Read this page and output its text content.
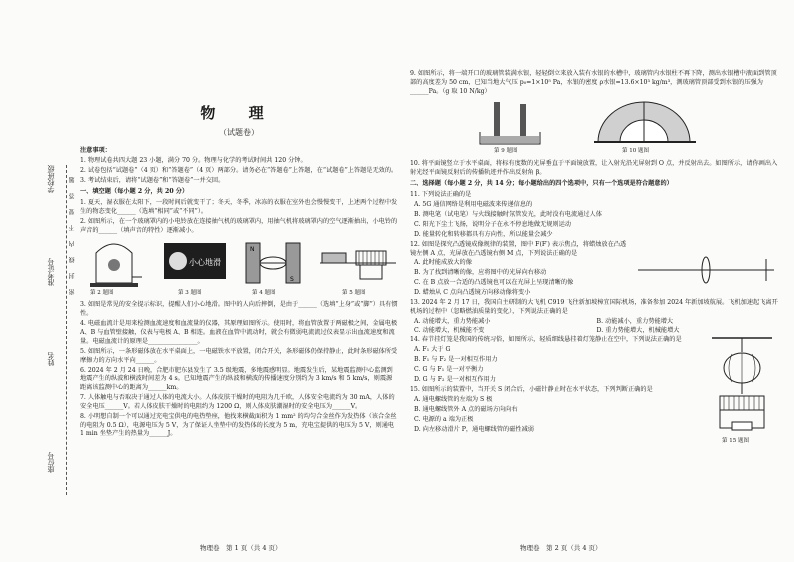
学校班级
准考证号
姓名
座位号
密　封　线　内　不　要　答　题
物 理
（试题卷）
注意事项：

1. 物理试卷共四大题 23 小题，满分 70 分。物理与化学的考试时间共 120 分钟。

2. 试卷包括“试题卷”（4 页）和“答题卷”（4 页）两部分。请务必在“答题卷”上答题，在“试题卷”上答题是无效的。

3. 考试结束后，请将“试题卷”和“答题卷”一并交回。

一、填空题（每小题 2 分，共 20 分）

1. 夏天，湿衣服在太阳下，一段时间后就变干了；冬天，冬季，冰冻的衣服在室外也会慢慢变干，上述两个过程中发生的物态变化______（选填“相同”或“不同”）。

2. 如图所示，在一个玻璃罩内的小电铃放在连接抽气机的玻璃罩内，用抽气机将玻璃罩内的空气逐渐抽出，小电铃的声音的______（填声音的特性）逐渐减小。

第 2 题图
小心地滑
第 3 题图
N
S
第 4 题图	第 5 题图

3. 如图是常见的安全提示标识，提醒人们小心地滑。图中的人向后摔倒，是由于______（选填“上身”或“脚”）具有惯性。

4. 电磁血流计是用来检测血流速度和血流量的仪器，其原理如图所示。使用时，将血管放置于两磁极之间，金属电极 A、B 与血管壁接触，仪表与电极 A、B 相连。血液在血管中流动时，就会有微弱电流流过仪表显示出血流速度和流量。电磁血流计的原理是________________。

5. 如图所示，一条形磁体放在水平桌面上，一电磁铁水平放置，闭合开关，条形磁体仍保持静止，此时条形磁体所受摩擦力的方向水平向______。

6. 2024 年 2 月 24 日晚，合肥市肥东县发生了 3.5 级地震，多地震感明显。地震发生后，某地震监测中心监测到地震产生的纵波和横波时间差为 4 s。已知地震产生的纵波和横波的传播速度分别约为 3 km/s 和 5 km/s，则震源距离该监测中心的距离为______km。

7. 人体触电与否取决于通过人体的电流大小。人体皮肤干燥时的电阻为几千欧，人体安全电流约为 30 mA，人体的安全电压______V。若人体皮肤干燥时的电阻约为 1200 Ω，则人体皮肤潮湿时的安全电压为______V。

8. 小明想自制一个可以通过充电宝供电的电热垫座，他找来横截面积为 1 mm² 的均匀合金丝作为发热体（该合金丝的电阻为 0.5 Ω），电源电压为 5 V，为了保证人坐垫中的发热体的长度为 5 m，充电宝提供的电压为 5 V，则通电 1 min 坐垫产生的热量为______J。

物理卷　第 1 页（共 4 页）

9. 如图所示，将一端开口的玻璃管装满水银，轻轻倒立来放入装有水银的水槽中，玻璃管内水银柱不再下降，测出水银槽中液面到管顶部的高度差为 50 cm，已知当地大气压 p₀=1×10⁵ Pa，水银的密度 ρ水银=13.6×10³ kg/m³，测玻璃管顶部受到水银的压强为______Pa。（g 取 10 N/kg）

第 9 题图	第 10 题图

10. 将平面镜竖立于水平桌面，将标有度数的光屏垂直于平面镜放置，让入射光沿光屏射到 O 点，并反射出去。如图所示，请你画出入射光经平面镜反射后的传播轨迹并作出反射角 β。

二、选择题（每小题 2 分，共 14 分；每小题给出的四个选项中，只有一个选项是符合题意的）

11. 下列说法正确的是

A. 5G 通信网络是利用电磁波来传递信息的

B. 测电笔（试电笔）与火线接触时氖管发光，此时没有电流通过人体

C. 阳光下尘土飞扬，说明分子在永不停息地做无规则运动

D. 能量转化和转移都具有方向性，所以能量会减少

12. 如图是探究凸透镜成像规律的装置，图中 F(F′) 表示焦点，将蜡烛放在凸透镜左侧 A 点，光屏放在凸透镜右侧 M 点，下列说法正确的是

A. 此时能成放大的像

B. 为了找到清晰的像，应将图中的光屏向右移动

C. 在 B 点放一合适的凸透镜也可以在光屏上呈现清晰的像

D. 蜡烛从 C 点向凸透镜方向移动像将变小

13. 2024 年 2 月 17 日，我国自主研制的大飞机 C919 飞往新加坡樟宜国际机场，准备参加 2024 年新加坡航展。飞机加速起飞离开机场的过程中（忽略燃油质量的变化），下列说法正确的是

A. 动能增大，重力势能减小	B. 动能减小，重力势能增大
C. 动能增大，机械能不变	D. 重力势能增大，机械能增大

14. 春节挂灯笼是我国的传统习俗，如图所示，轻质细线悬挂着灯笼静止在空中，下列说法正确的是

A. F₁ 大于 G

B. F₁ 与 F₂ 是一对相互作用力

C. G 与 F₁ 是一对平衡力

D. G 与 F₂ 是一对相互作用力

15. 如图所示的装置中，当开关 S 闭合后，小磁针静止时在水平状态，下列判断正确的是

A. 通电螺线管的左端为 S 极

B. 通电螺线管外 A 点的磁场方向向右

C. 电源的 a 端为正极

D. 向左移动滑片 P，通电螺线管的磁性减弱

第 15 题图
物理卷　第 2 页（共 4 页）
